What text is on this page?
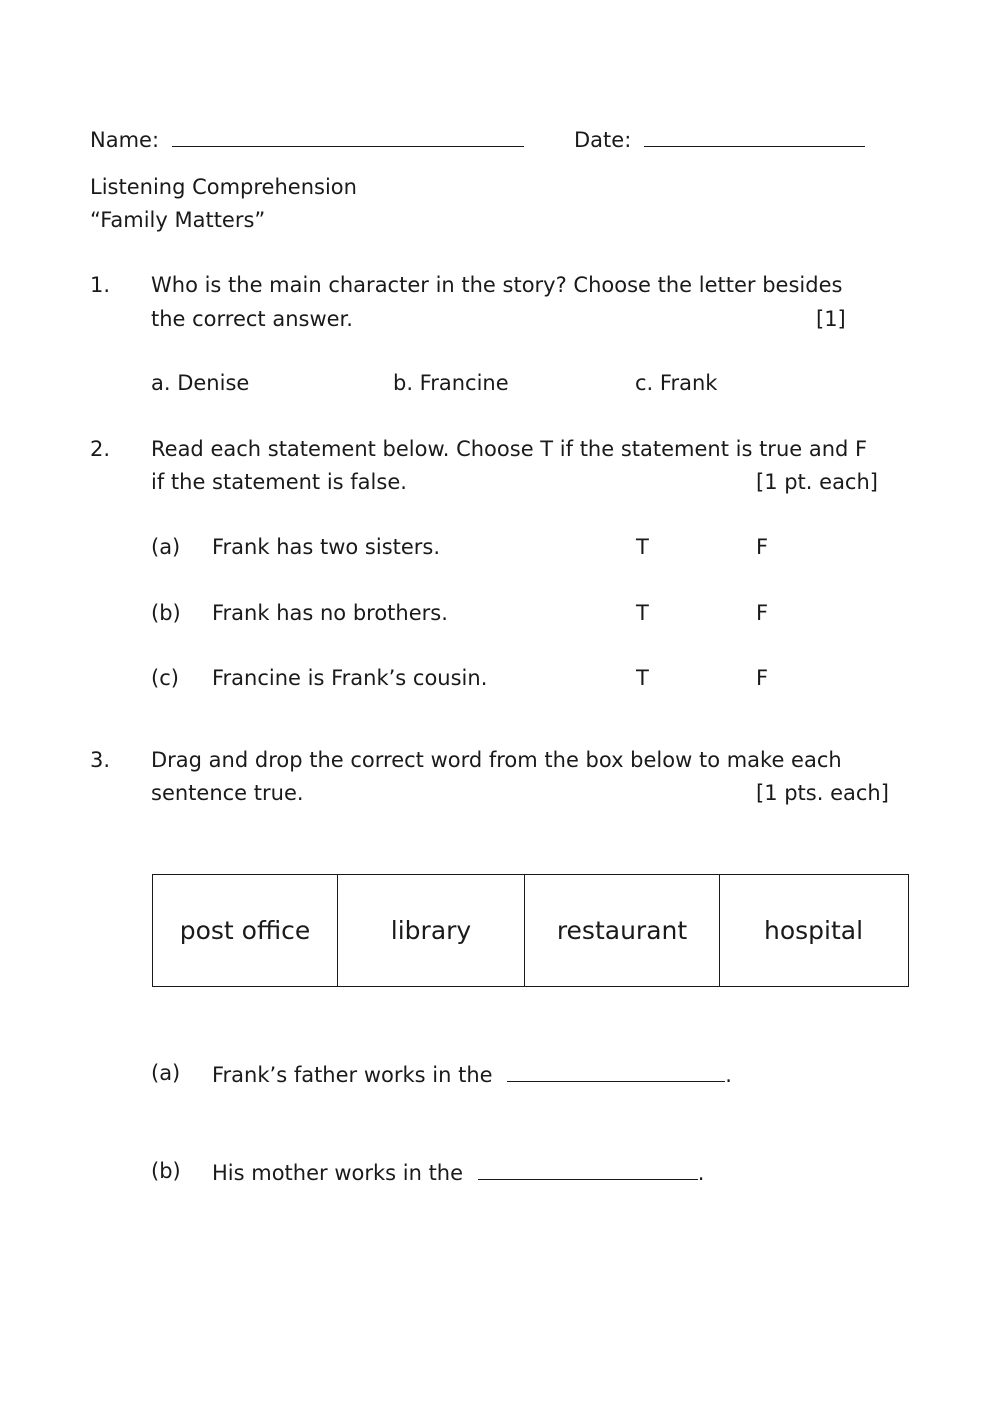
Name:	Date:
Listening Comprehension
“Family Matters”
1. Who is the main character in the story? Choose the letter besides
the correct answer.	[1]
a. Denise	b. Francine	c. Frank
2. Read each statement below. Choose T if the statement is true and F
if the statement is false.	[1 pt. each]
(a) Frank has two sisters.	T	F
(b) Frank has no brothers.	T	F
(c) Francine is Frank’s cousin.	T	F
3. Drag and drop the correct word from the box below to make each
sentence true.	[1 pts. each]
post office	library	restaurant	hospital
(a) Frank’s father works in the	.
(b) His mother works in the	.
